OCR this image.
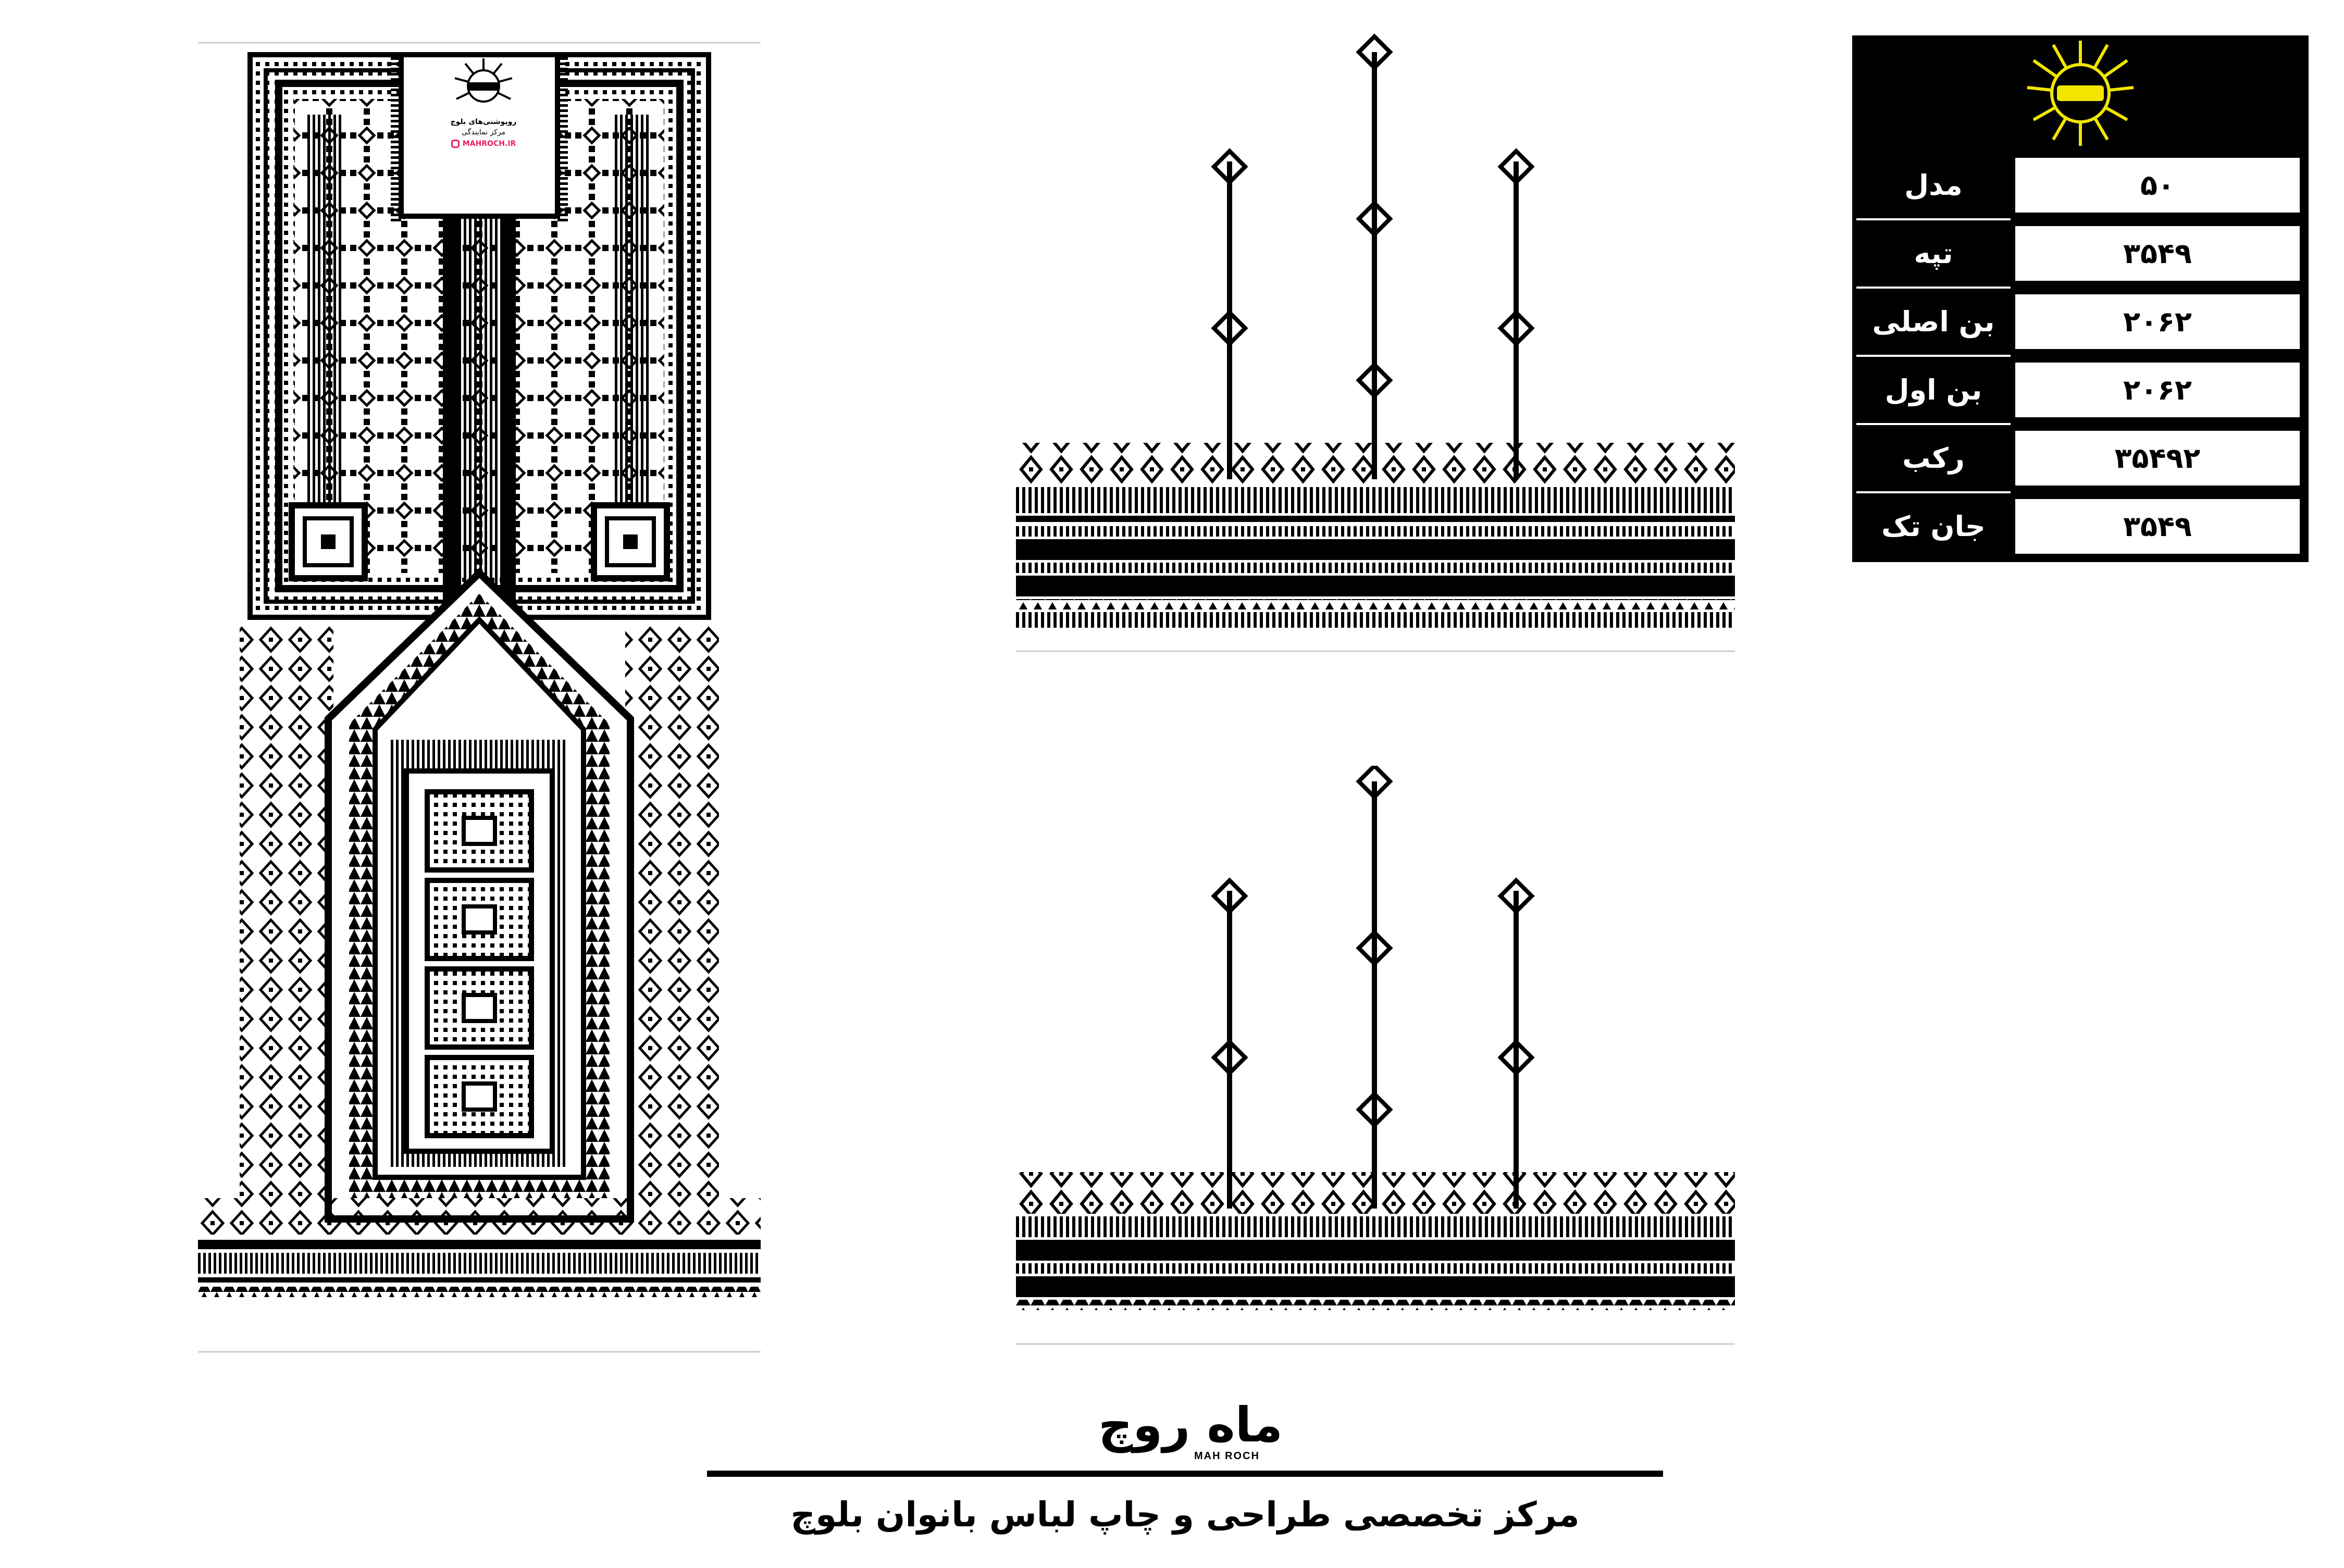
روپوشنی‌های بلوچ
مرکز نمایندگی
MAHROCH.IR
مدل	۵۰
تپه	۳۵۴۹
بن اصلی	۲۰۶۲
بن اول	۲۰۶۲
رکب	۳۵۴۹۲
جان تک	۳۵۴۹
ماه روچ
MAH ROCH
مرکز تخصصی طراحی و چاپ لباس بانوان بلوچ
